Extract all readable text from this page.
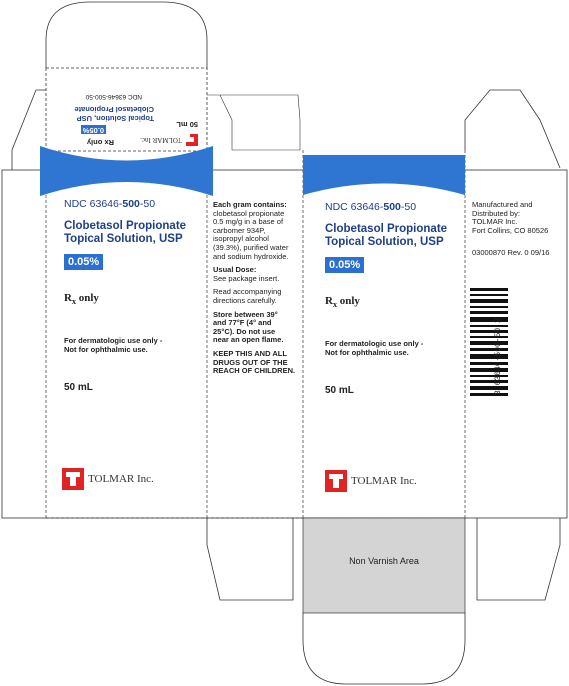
TOLMAR Inc.
50 mL
Rx only
0.05%
Topical Solution, USP
Clobetasol Propionate
NDC 63646-500-50
NDC 63646-500-50
Clobetasol Propionate
Topical Solution, USP
0.05%
$R_x$ only
For dermatologic use only -
Not for ophthalmic use.
50 mL
TOLMAR Inc.
Each gram contains:
clobetasol propionate
0.5 mg/g in a base of
carbomer 934P,
isopropyl alcohol
(39.3%), purified water
and sodium hydroxide.
Usual Dose:
See package insert.
Read accompanying
directions carefully.
Store between 39°
and 77°F (4° and
25°C). Do not use
near an open flame.
KEEP THIS AND ALL
DRUGS OUT OF THE
REACH OF CHILDREN.
NDC 63646-500-50
Clobetasol Propionate
Topical Solution, USP
0.05%
$R_x$ only
For dermatologic use only -
Not for ophthalmic use.
50 mL
TOLMAR Inc.
Manufactured and
Distributed by:
TOLMAR Inc.
Fort Collins, CO 80526
03000870 Rev. 0 09/16
3 63646-500-50 2
Non Varnish Area
